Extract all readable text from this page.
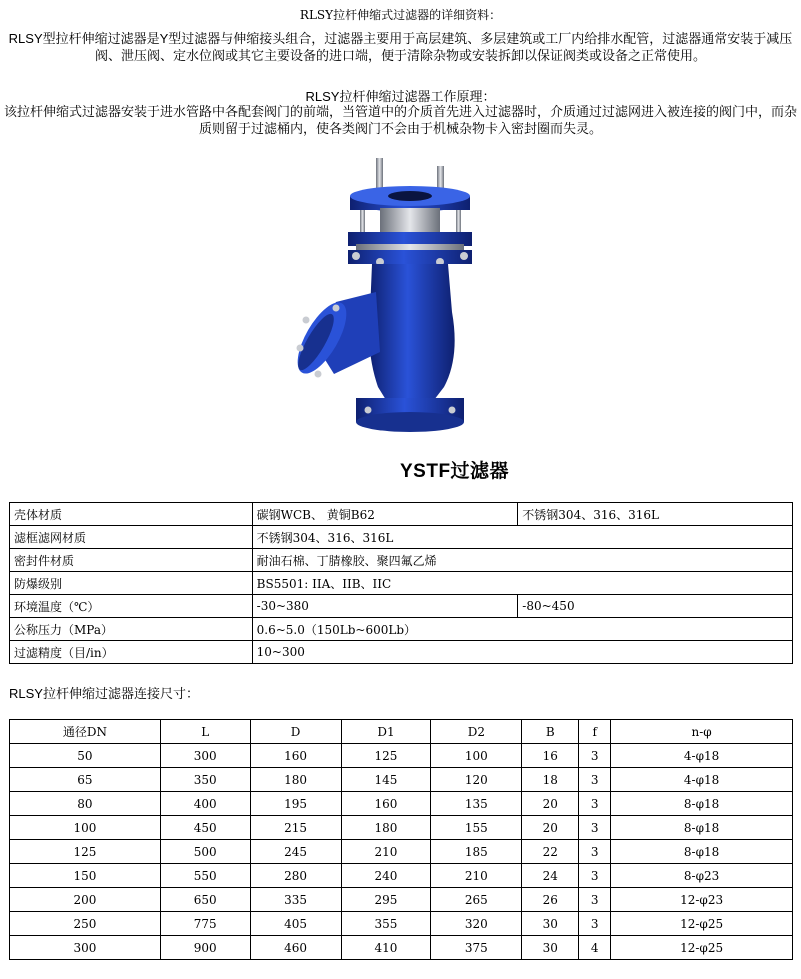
RLSY拉杆伸缩式过滤器的详细资料：
RLSY型拉杆伸缩过滤器是Y型过滤器与伸缩接头组合，过滤器主要用于高层建筑、多层建筑或工厂内给排水配管，过滤器通常安装于减压阀、泄压阀、定水位阀或其它主要设备的进口端，便于清除杂物或安装拆卸以保证阀类或设备之正常使用。
RLSY拉杆伸缩过滤器工作原理：
该拉杆伸缩式过滤器安装于进水管路中各配套阀门的前端，当管道中的介质首先进入过滤器时，介质通过过滤网进入被连接的阀门中，而杂质则留于过滤桶内，使各类阀门不会由于机械杂物卡入密封圈而失灵。
YSTF过滤器
壳体材质	碳钢WCB、 黄铜B62	不锈钢304、316、316L
滤框滤网材质	不锈钢304、316、316L	
密封件材质	耐油石棉、丁腈橡胶、聚四氟乙烯	
防爆级别	BS5501: IIA、IIB、IIC	
环境温度（℃）	-30~380	-80~450
公称压力（MPa）	0.6~5.0（150Lb~600Lb）	
过滤精度（目/in）	10~300	
RLSY拉杆伸缩过滤器连接尺寸：
通径DN	L	D	D1	D2	B	f	n-φ
50	300	160	125	100	16	3	4-φ18
65	350	180	145	120	18	3	4-φ18
80	400	195	160	135	20	3	8-φ18
100	450	215	180	155	20	3	8-φ18
125	500	245	210	185	22	3	8-φ18
150	550	280	240	210	24	3	8-φ23
200	650	335	295	265	26	3	12-φ23
250	775	405	355	320	30	3	12-φ25
300	900	460	410	375	30	4	12-φ25
